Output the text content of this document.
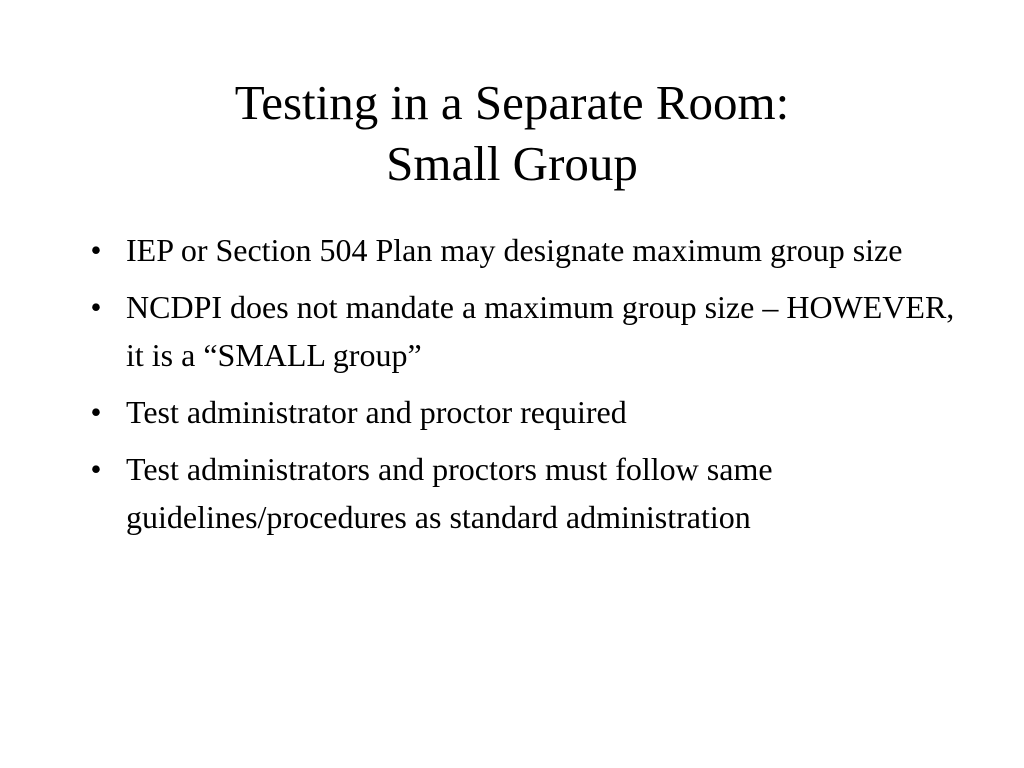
Testing in a Separate Room:
Small Group
• IEP or Section 504 Plan may designate maximum group size
• NCDPI does not mandate a maximum group size – HOWEVER, it is a “SMALL group”
• Test administrator and proctor required
• Test administrators and proctors must follow same guidelines/procedures as standard administration
